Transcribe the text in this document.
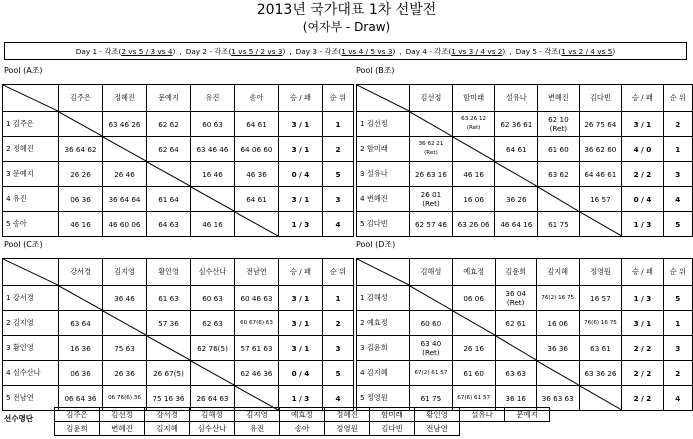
2013년 국가대표 1차 선발전
(여자부 - Draw)
Day 1 - 각조(2 vs 5 / 3 vs 4) , Day 2 - 각조(1 vs 5 / 2 vs 3) , Day 3 - 각조(1 vs 4 / 5 vs 3) , Day 4 - 각조(1 vs 3 / 4 vs 2) , Day 5 - 각조(1 vs 2 / 4 vs 5)
Pool (A조)	Pool (B조)
Pool (C조)	Pool (D조)
	김주은	정혜진	문예지	유진	송아	승 / 패	순 위
1 김주은		63 46 26	62 62	60 63	64 61	3 / 1	1
2 정혜진	36 64 62		62 64	63 46 46	64 06 60	3 / 1	2
3 문예지	26 26	26 46		16 46	46 36	0 / 4	5
4 유진	06 36	36 64 64	61 64		64 61	3 / 1	3
5 송아	46 16	46 60 06	64 63	46 16		1 / 3	4
	김선정	함미래	설유나	변혜진	김다빈	승 / 패	순 위
1 김선정		63 26 12
(Ret)	62 36 61	62 10
(Ret)	26 75 64	3 / 1	2
2 함미래	36 62 21
(Ret)		64 61	61 60	36 62 60	4 / 0	1
3 설유나	26 63 16	46 16		63 62	64 46 61	2 / 2	3
4 변혜진	26 01
(Ret)	16 06	36 26		16 57	0 / 4	4
5 김다빈	62 57 46	63 26 06	46 64 16	61 75		1 / 3	5
	강서경	김지영	황인영	심수산나	전남연	승 / 패	순 위
1 강서경		36 46	61 63	60 63	60 46 63	3 / 1	1
2 김지영	63 64		57 36	62 63	60 67(6) 63	3 / 1	2
3 황인영	16 36	75 63		62 76(5)	57 61 63	3 / 1	3
4 심수산나	06 36	26 36	26 67(5)		62 46 36	0 / 4	5
5 전남연	06 64 36	06 76(6) 36	75 16 36	26 64 63		1 / 3	4
	김해성	예효정	김윤희	김지혜	정영원	승 / 패	순 위
1 김해성		06 06	36 04
(Ret)	76(2) 16 75	16 57	1 / 3	5
2 예효정	60 60		62 61	16 06	76(6) 16 75	3 / 1	1
3 김윤희	63 40
(Ret)	26 16		36 36	63 61	2 / 2	3
4 김지혜	67(2) 61 57	61 60	63 63		63 36 26	2 / 2	2
5 정영원	61 75	67(6) 61 57	36 16	36 63 63		2 / 2	4
선수명단	김주은	김선정	강서경	김해성	김지영	예효정	정혜진	함미래	황인영	설유나	문예지
김윤희	변혜진	김지혜	심수산나	유진	송아	정영원	김다빈	전남연		
